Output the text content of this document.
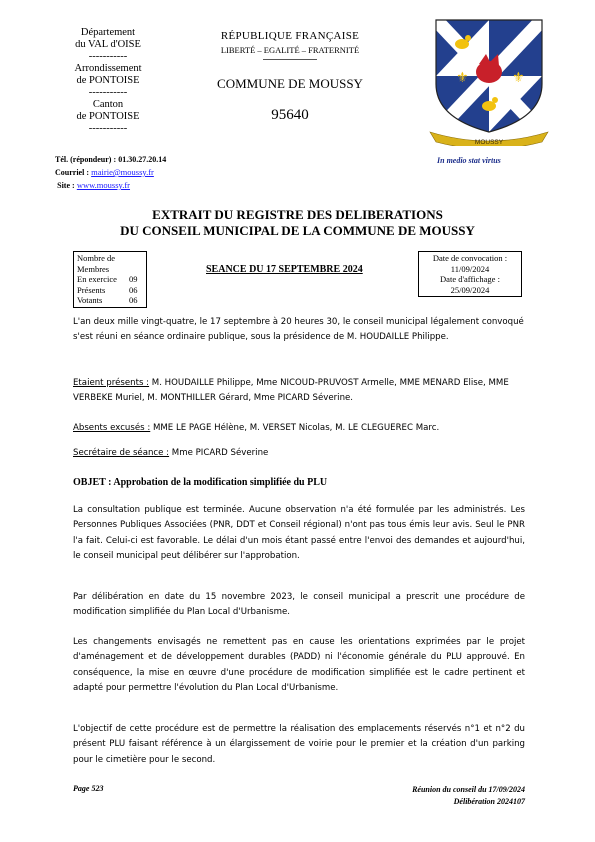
Département
du VAL d'OISE
-----------
Arrondissement
de PONTOISE
-----------
Canton
de PONTOISE
-----------
Tél. (répondeur) : 01.30.27.20.14
Courriel : mairie@moussy.fr
Site : www.moussy.fr
RÉPUBLIQUE FRANÇAISE
LIBERTÉ – EGALITÉ – FRATERNITÉ
COMMUNE DE MOUSSY
95640
⚜	⚜
MOUSSY
In medio stat virtus
EXTRAIT DU REGISTRE DES DELIBERATIONS
DU CONSEIL MUNICIPAL DE LA COMMUNE DE MOUSSY
Nombre de Membres
En exercice	09
Présents	06
Votants	06
SEANCE DU 17 SEPTEMBRE 2024
Date de convocation :
11/09/2024
Date d'affichage :
25/09/2024
L'an deux mille vingt-quatre, le 17 septembre à 20 heures 30, le conseil municipal légalement convoqué s'est réuni en séance ordinaire publique, sous la présidence de M. HOUDAILLE Philippe.
Etaient présents : M. HOUDAILLE Philippe, Mme NICOUD-PRUVOST Armelle, MME MENARD Elise, MME VERBEKE Muriel, M. MONTHILLER Gérard, Mme PICARD Séverine.
Absents excusés : MME LE PAGE Hélène, M. VERSET Nicolas, M. LE CLEGUEREC Marc.
Secrétaire de séance : Mme PICARD Séverine
OBJET : Approbation de la modification simplifiée du PLU
La consultation publique est terminée. Aucune observation n'a été formulée par les administrés. Les Personnes Publiques Associées (PNR, DDT et Conseil régional) n'ont pas tous émis leur avis. Seul le PNR l'a fait. Celui-ci est favorable. Le délai d'un mois étant passé entre l'envoi des demandes et aujourd'hui, le conseil municipal peut délibérer sur l'approbation.
Par délibération en date du 15 novembre 2023, le conseil municipal a prescrit une procédure de modification simplifiée du Plan Local d'Urbanisme.
Les changements envisagés ne remettent pas en cause les orientations exprimées par le projet d'aménagement et de développement durables (PADD) ni l'économie générale du PLU approuvé. En conséquence, la mise en œuvre d'une procédure de modification simplifiée est le cadre pertinent et adapté pour permettre l'évolution du Plan Local d'Urbanisme.
L'objectif de cette procédure est de permettre la réalisation des emplacements réservés n°1 et n°2 du présent PLU faisant référence à un élargissement de voirie pour le premier et la création d'un parking pour le cimetière pour le second.
Page 523	Réunion du conseil du 17/09/2024
Délibération 2024107
